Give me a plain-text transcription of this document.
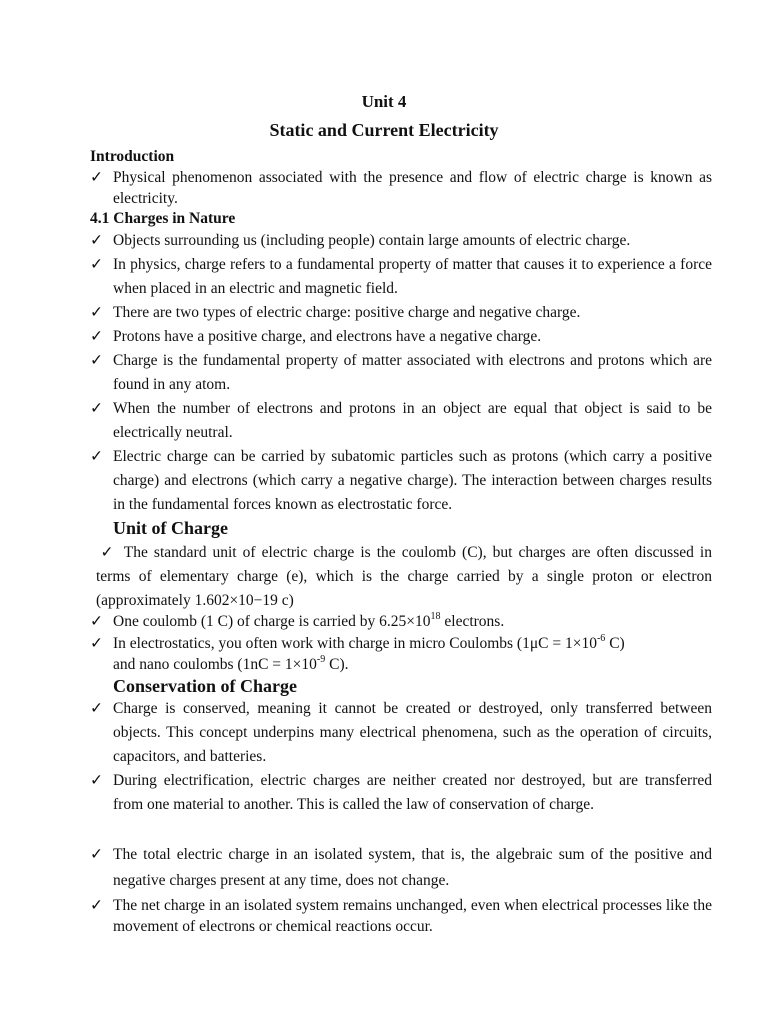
Unit 4
Static and Current Electricity
Introduction
✓ Physical phenomenon associated with the presence and flow of electric charge is known as electricity.
4.1 Charges in Nature
✓ Objects surrounding us (including people) contain large amounts of electric charge.
✓ In physics, charge refers to a fundamental property of matter that causes it to experience a force when placed in an electric and magnetic field.
✓ There are two types of electric charge: positive charge and negative charge.
✓ Protons have a positive charge, and electrons have a negative charge.
✓ Charge is the fundamental property of matter associated with electrons and protons which are found in any atom.
✓ When the number of electrons and protons in an object are equal that object is said to be electrically neutral.
✓ Electric charge can be carried by subatomic particles such as protons (which carry a positive charge) and electrons (which carry a negative charge). The interaction between charges results in the fundamental forces known as electrostatic force.
Unit of Charge
✓ The standard unit of electric charge is the coulomb (C), but charges are often discussed in terms of elementary charge (e), which is the charge carried by a single proton or electron (approximately 1.602×10−19 c)
✓ One coulomb (1 C) of charge is carried by $6.25\times 10^{18}$ electrons.
✓ In electrostatics, you often work with charge in micro Coulombs ($1\mu C = 1\times 10^{-6}$ C)
and nano coulombs ($1nC = 1\times 10^{-9}$ C).
Conservation of Charge
✓ Charge is conserved, meaning it cannot be created or destroyed, only transferred between objects. This concept underpins many electrical phenomena, such as the operation of circuits, capacitors, and batteries.
✓ During electrification, electric charges are neither created nor destroyed, but are transferred from one material to another. This is called the law of conservation of charge.
✓ The total electric charge in an isolated system, that is, the algebraic sum of the positive and negative charges present at any time, does not change.
✓ The net charge in an isolated system remains unchanged, even when electrical processes like the movement of electrons or chemical reactions occur.
